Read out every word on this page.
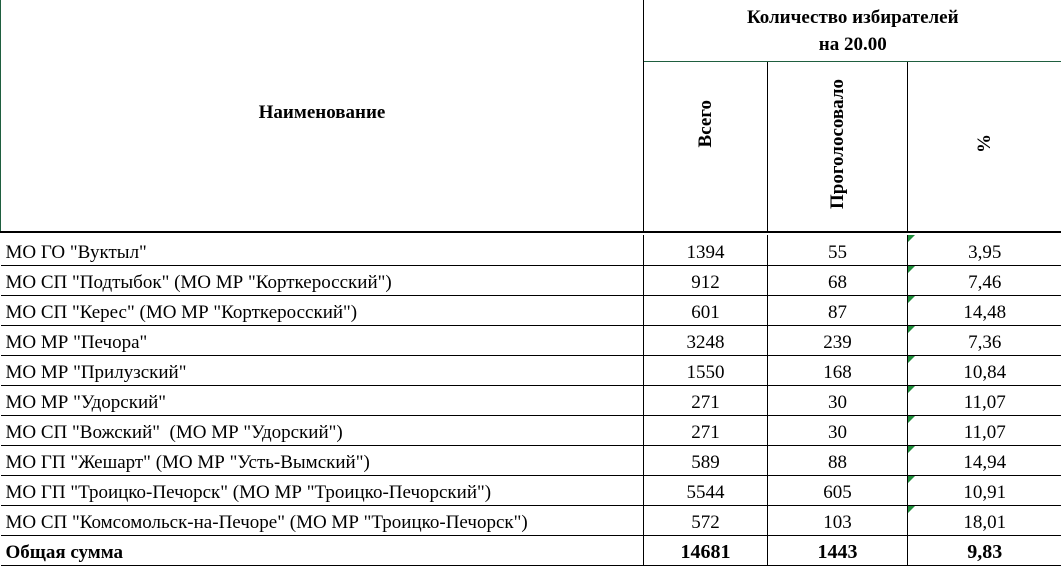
Наименование	Количество избирателей
на 20.00		

	Всего	Проголосовало	%

МО ГО "Вуктыл"	1394	55	3,95
МО СП "Подтыбок" (МО МР "Корткеросский")	912	68	7,46
МО СП "Керес" (МО МР "Корткеросский")	601	87	14,48
МО МР "Печора"	3248	239	7,36
МО МР "Прилузский"	1550	168	10,84
МО МР "Удорский"	271	30	11,07
МО СП "Вожский"  (МО МР "Удорский")	271	30	11,07
МО ГП "Жешарт" (МО МР "Усть-Вымский")	589	88	14,94
МО ГП "Троицко-Печорск" (МО МР "Троицко-Печорский")	5544	605	10,91
МО СП "Комсомольск-на-Печоре" (МО МР "Троицко-Печорск")	572	103	18,01
Общая сумма	14681	1443	9,83
